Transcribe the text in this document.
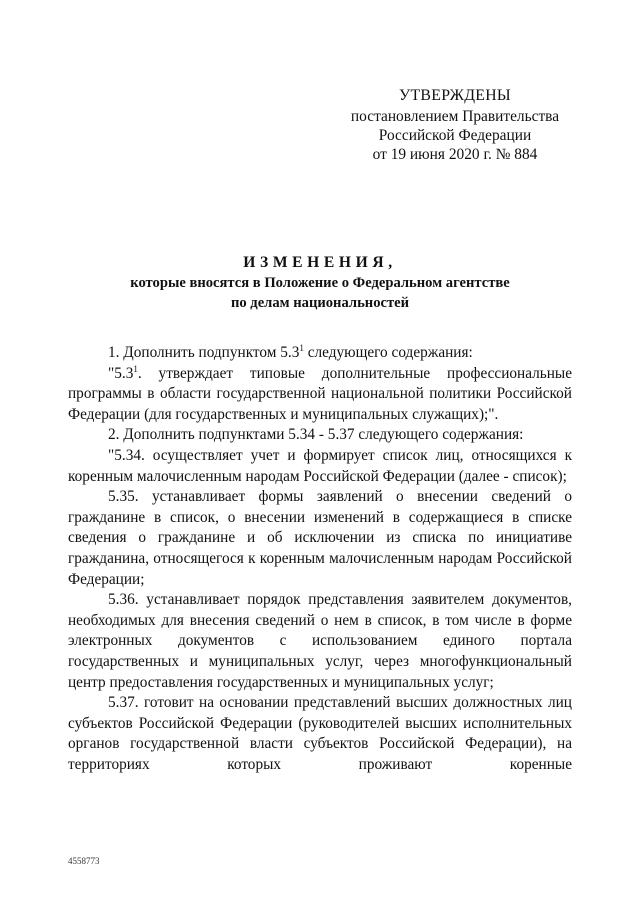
УТВЕРЖДЕНЫ
постановлением Правительства
Российской Федерации
от 19 июня 2020 г. № 884
ИЗМЕНЕНИЯ,
которые вносятся в Положение о Федеральном агентстве
по делам национальностей

1. Дополнить подпунктом $5.3^1$ следующего содержания:

"$5.3^1$. утверждает типовые дополнительные профессиональные программы в области государственной национальной политики Российской Федерации (для государственных и муниципальных служащих);".

2. Дополнить подпунктами 5.34 - 5.37 следующего содержания:

"5.34. осуществляет учет и формирует список лиц, относящихся к коренным малочисленным народам Российской Федерации (далее - список);

5.35. устанавливает формы заявлений о внесении сведений о гражданине в список, о внесении изменений в содержащиеся в списке сведения о гражданине и об исключении из списка по инициативе гражданина, относящегося к коренным малочисленным народам Российской Федерации;

5.36. устанавливает порядок представления заявителем документов, необходимых для внесения сведений о нем в список, в том числе в форме электронных документов с использованием единого портала государственных и муниципальных услуг, через многофункциональный центр предоставления государственных и муниципальных услуг;

5.37. готовит на основании представлений высших должностных лиц субъектов Российской Федерации (руководителей высших исполнительных органов государственной власти субъектов Российской Федерации), на территориях которых проживают коренные

4558773
